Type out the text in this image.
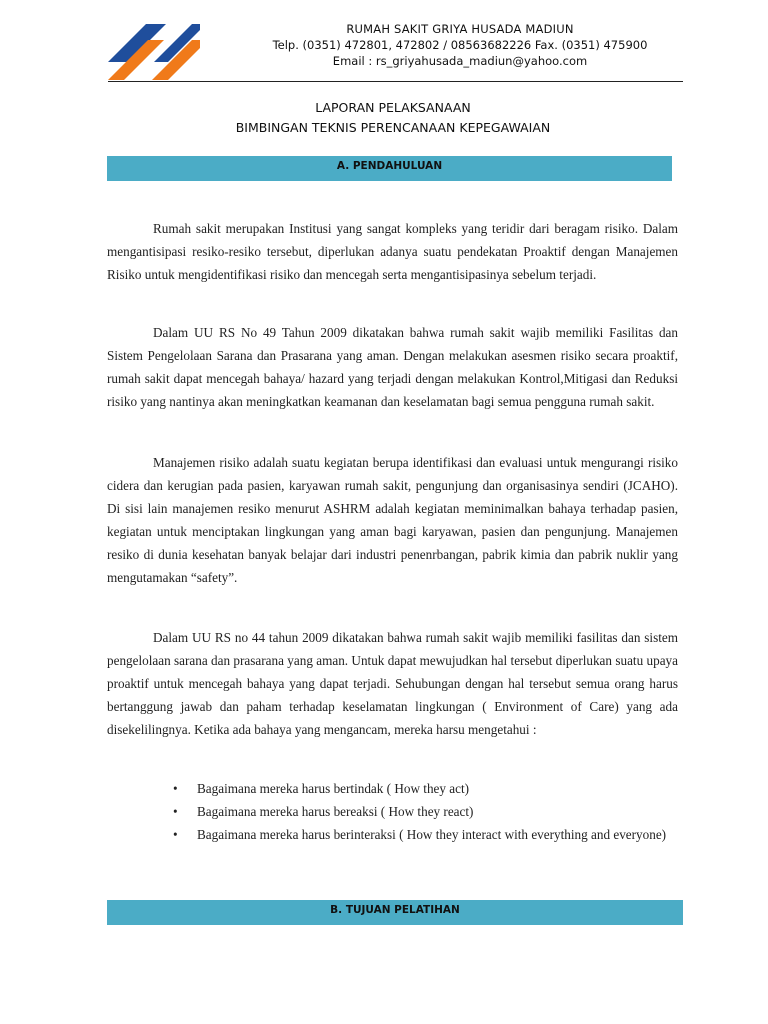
RUMAH SAKIT GRIYA HUSADA MADIUN
Telp. (0351) 472801, 472802 / 08563682226 Fax. (0351) 475900
Email : rs_griyahusada_madiun@yahoo.com
LAPORAN PELAKSANAAN
BIMBINGAN TEKNIS PERENCANAAN KEPEGAWAIAN
A. PENDAHULUAN

Rumah sakit merupakan Institusi yang sangat kompleks yang teridir dari beragam risiko. Dalam mengantisipasi resiko-resiko tersebut, diperlukan adanya suatu pendekatan Proaktif dengan Manajemen Risiko untuk mengidentifikasi risiko dan mencegah serta mengantisipasinya sebelum terjadi.

Dalam UU RS No 49 Tahun 2009 dikatakan bahwa rumah sakit wajib memiliki Fasilitas dan Sistem Pengelolaan Sarana dan Prasarana yang aman. Dengan melakukan asesmen risiko secara proaktif, rumah sakit dapat mencegah bahaya/ hazard yang terjadi dengan melakukan Kontrol,Mitigasi dan Reduksi risiko yang nantinya akan meningkatkan keamanan dan keselamatan bagi semua pengguna rumah sakit.

Manajemen risiko adalah suatu kegiatan berupa identifikasi dan evaluasi untuk mengurangi risiko cidera dan kerugian pada pasien, karyawan rumah sakit, pengunjung dan organisasinya sendiri (JCAHO). Di sisi lain manajemen resiko menurut ASHRM adalah kegiatan meminimalkan bahaya terhadap pasien, kegiatan untuk menciptakan lingkungan yang aman bagi karyawan, pasien dan pengunjung. Manajemen resiko di dunia kesehatan banyak belajar dari industri penenrbangan, pabrik kimia dan pabrik nuklir yang mengutamakan “safety”.

Dalam UU RS no 44 tahun 2009 dikatakan bahwa rumah sakit wajib memiliki fasilitas dan sistem pengelolaan sarana dan prasarana yang aman. Untuk dapat mewujudkan hal tersebut diperlukan suatu upaya proaktif untuk mencegah bahaya yang dapat terjadi. Sehubungan dengan hal tersebut semua orang harus bertanggung jawab dan paham terhadap keselamatan lingkungan ( Environment of Care) yang ada disekelilingnya. Ketika ada bahaya yang mengancam, mereka harsu mengetahui :

• Bagaimana mereka harus bertindak ( How they act)
• Bagaimana mereka harus bereaksi ( How they react)
• Bagaimana mereka harus berinteraksi ( How they interact with everything and everyone)
B. TUJUAN PELATIHAN
